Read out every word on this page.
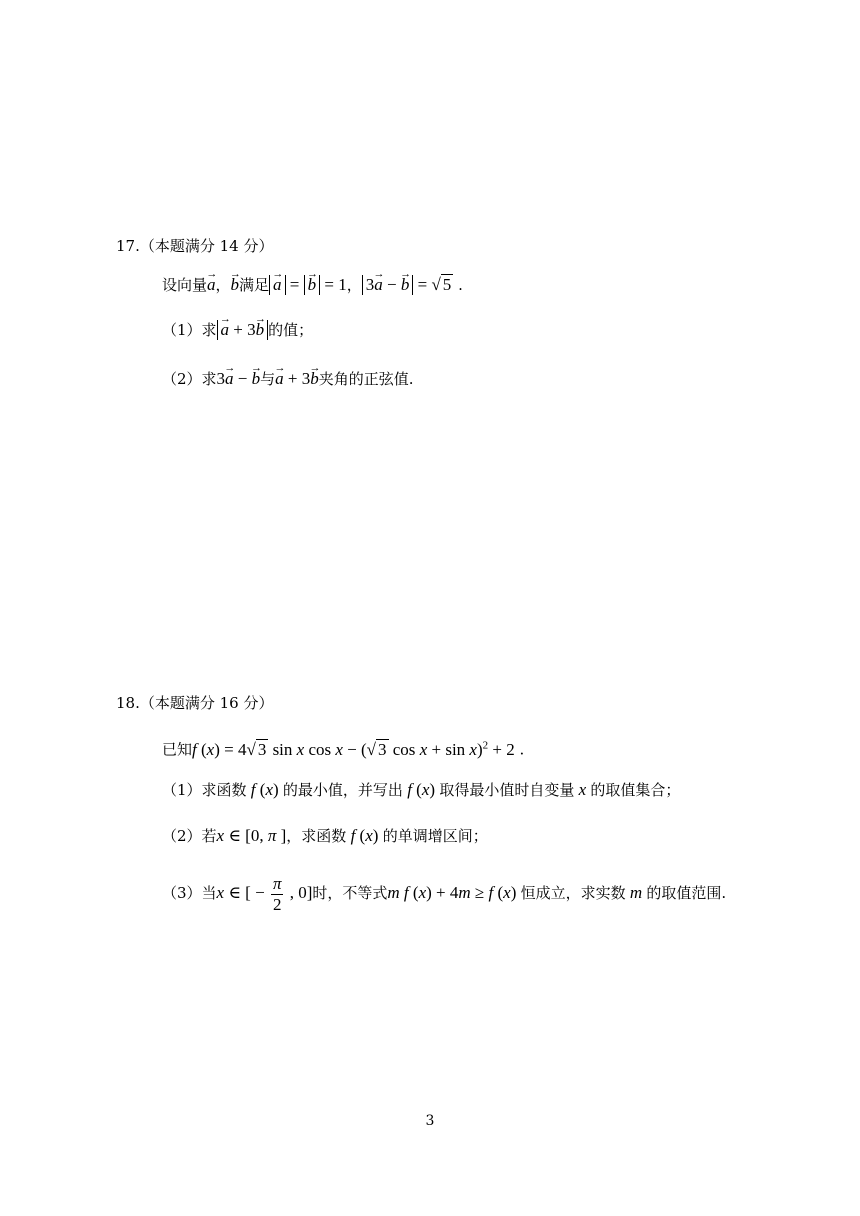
17.（本题满分 14 分）
设向量→ a，→ b满足 → a = → b = 1， 3→ a − → b = √ 5 .
（1）求 → a + 3→ b 的值；
（2）求3→ a − → b与→ a + 3→ b夹角的正弦值.
18.（本题满分 16 分）
已知f (x) = 4√ 3 sin x cos x − (√ 3 cos x + sin x)$^2$ + 2 .
（1）求函数 f (x) 的最小值，并写出 f (x) 取得最小值时自变量 x 的取值集合；
（2）若x ∈ [0, π ]，求函数 f (x) 的单调增区间；
（3）当x ∈ [ − $\frac{\pi}{2}$ , 0]时，不等式m f (x) + 4m ≥ f (x) 恒成立，求实数 m 的取值范围.
3
